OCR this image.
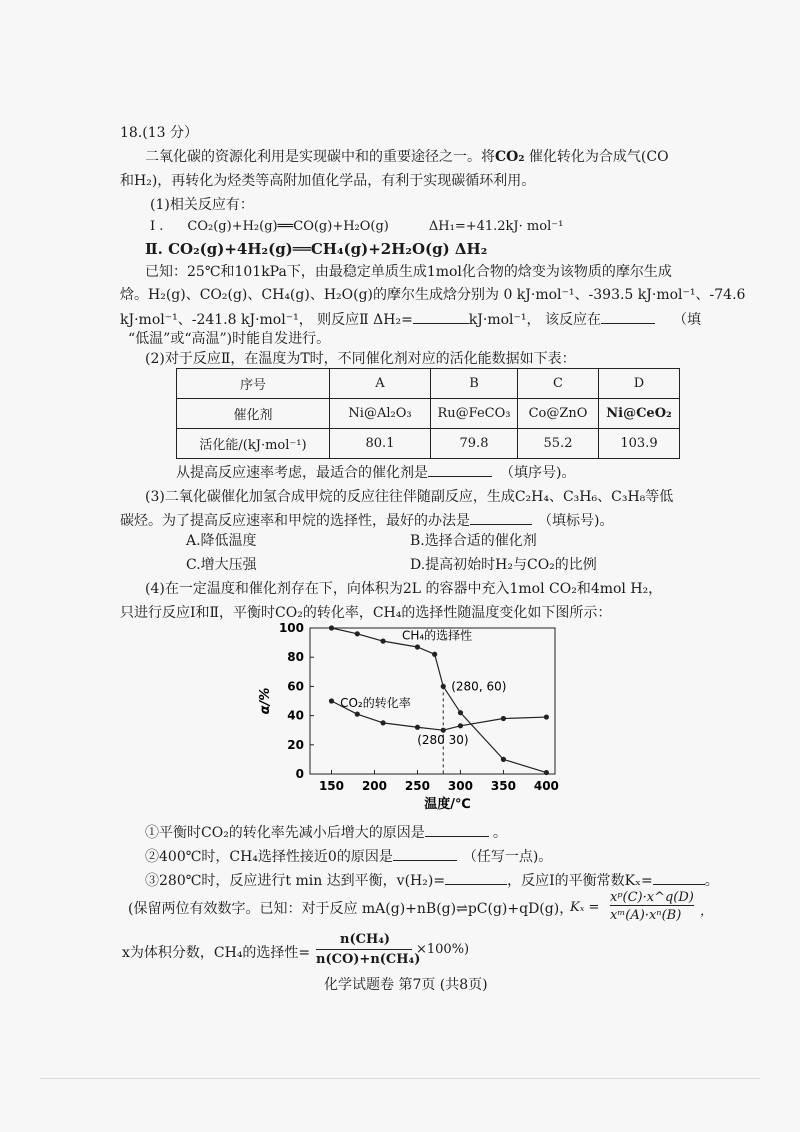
18.(13 分）
二氧化碳的资源化利用是实现碳中和的重要途径之一。将CO₂ 催化转化为合成气(CO
和H₂)，再转化为烃类等高附加值化学品，有利于实现碳循环利用。
(1)相关反应有：
Ⅰ . CO₂(g)+H₂(g)══CO(g)+H₂O(g)	ΔH₁=+41.2kJ· mol⁻¹
Ⅱ. CO₂(g)+4H₂(g)══CH₄(g)+2H₂O(g) ΔH₂
已知：25℃和101kPa下，由最稳定单质生成1mol化合物的焓变为该物质的摩尔生成
焓。H₂(g)、CO₂(g)、CH₄(g)、H₂O(g)的摩尔生成焓分别为 0 kJ·mol⁻¹、-393.5 kJ·mol⁻¹、-74.6
kJ·mol⁻¹、-241.8 kJ·mol⁻¹， 则反应Ⅱ ΔH₂=	kJ·mol⁻¹， 该反应在	（填
“低温”或“高温”)时能自发进行。
(2)对于反应Ⅱ，在温度为T时，不同催化剂对应的活化能数据如下表：
序号	A	B	C	D
催化剂	Ni@Al₂O₃	Ru@FeCO₃	Co@ZnO	Ni@CeO₂
活化能/(kJ·mol⁻¹)	80.1	79.8	55.2	103.9
从提高反应速率考虑，最适合的催化剂是	（填序号)。
(3)二氧化碳催化加氢合成甲烷的反应往往伴随副反应，生成C₂H₄、C₃H₆、C₃H₈等低
碳烃。为了提高反应速率和甲烷的选择性，最好的办法是	（填标号)。
A.降低温度	B.选择合适的催化剂
C.增大压强	D.提高初始时H₂与CO₂的比例
(4)在一定温度和催化剂存在下，向体积为2L 的容器中充入1mol CO₂和4mol H₂，
只进行反应Ⅰ和Ⅱ，平衡时CO₂的转化率，CH₄的选择性随温度变化如下图所示：
0
20
40
60
80
100
150 200 250 300 350 400
(280, 60)
(280 30)
α/%
温度/℃
CH₄的选择性
CO₂的转化率
①平衡时CO₂的转化率先减小后增大的原因是	。
②400℃时，CH₄选择性接近0的原因是	（任写一点)。
③280℃时，反应进行t min 达到平衡，v(H₂)=	，反应Ⅰ的平衡常数Kₓ=	。
(保留两位有效数字。已知：对于反应 mA(g)+nB(g)⇌pC(g)+qD(g)，
Kₓ =
xᵖ(C)·x^q(D)
xᵐ(A)·xⁿ(B) ，
x为体积分数，CH₄的选择性=
n(CH₄)
n(CO)+n(CH₄)
×100%)
化学试题卷 第7页 (共8页)
